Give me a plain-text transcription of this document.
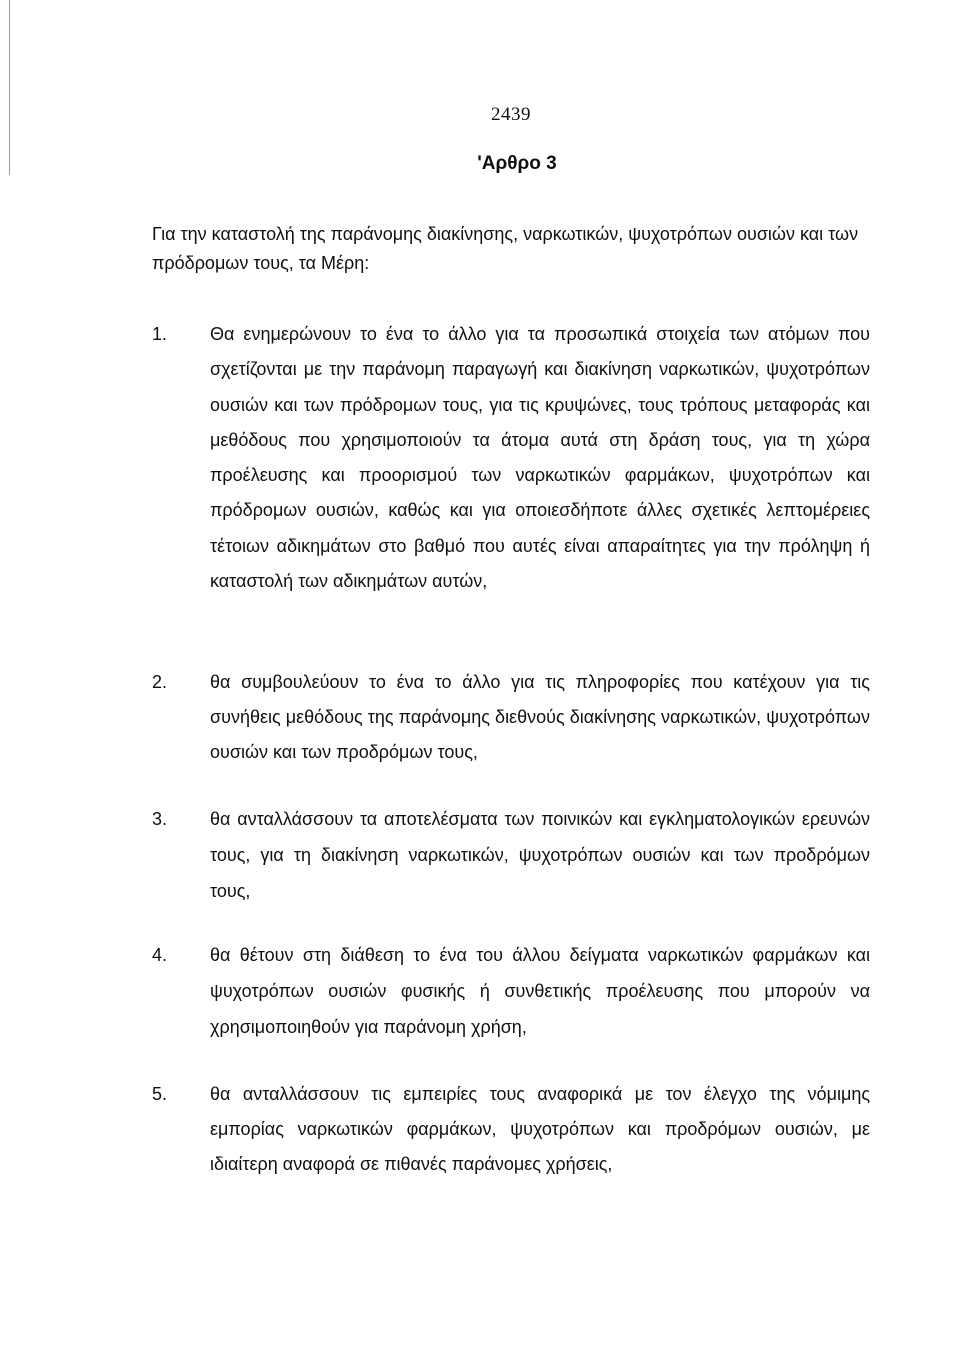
2439
'Αρθρο 3
Για την καταστολή της παράνομης διακίνησης, ναρκωτικών, ψυχοτρόπων ουσιών και των πρόδρομων τους, τα Μέρη:
1.	Θα ενημερώνουν το ένα το άλλο για τα προσωπικά στοιχεία των ατόμων που σχετίζονται με την παράνομη παραγωγή και διακίνηση ναρκωτικών, ψυχοτρόπων ουσιών και των πρόδρομων τους, για τις κρυψώνες, τους τρόπους μεταφοράς και μεθόδους που χρησιμοποιούν τα άτομα αυτά στη δράση τους, για τη χώρα προέλευσης και προορισμού των ναρκωτικών φαρμάκων, ψυχοτρόπων και πρόδρομων ουσιών, καθώς και για οποιεσδήποτε άλλες σχετικές λεπτομέρειες τέτοιων αδικημάτων στο βαθμό που αυτές είναι απαραίτητες για την πρόληψη ή καταστολή των αδικημάτων αυτών,
2.	θα συμβουλεύουν το ένα το άλλο για τις πληροφορίες που κατέχουν για τις συνήθεις μεθόδους της παράνομης διεθνούς διακίνησης ναρκωτικών, ψυχοτρόπων ουσιών και των προδρόμων τους,
3.	θα ανταλλάσσουν τα αποτελέσματα των ποινικών και εγκληματολογικών ερευνών τους, για τη διακίνηση ναρκωτικών, ψυχοτρόπων ουσιών και των προδρόμων τους,
4.	θα θέτουν στη διάθεση το ένα του άλλου δείγματα ναρκωτικών φαρμάκων και ψυχοτρόπων ουσιών φυσικής ή συνθετικής προέλευσης που μπορούν να χρησιμοποιηθούν για παράνομη χρήση,
5.	θα ανταλλάσσουν τις εμπειρίες τους αναφορικά με τον έλεγχο της νόμιμης εμπορίας ναρκωτικών φαρμάκων, ψυχοτρόπων και προδρόμων ουσιών, με ιδιαίτερη αναφορά σε πιθανές παράνομες χρήσεις,
